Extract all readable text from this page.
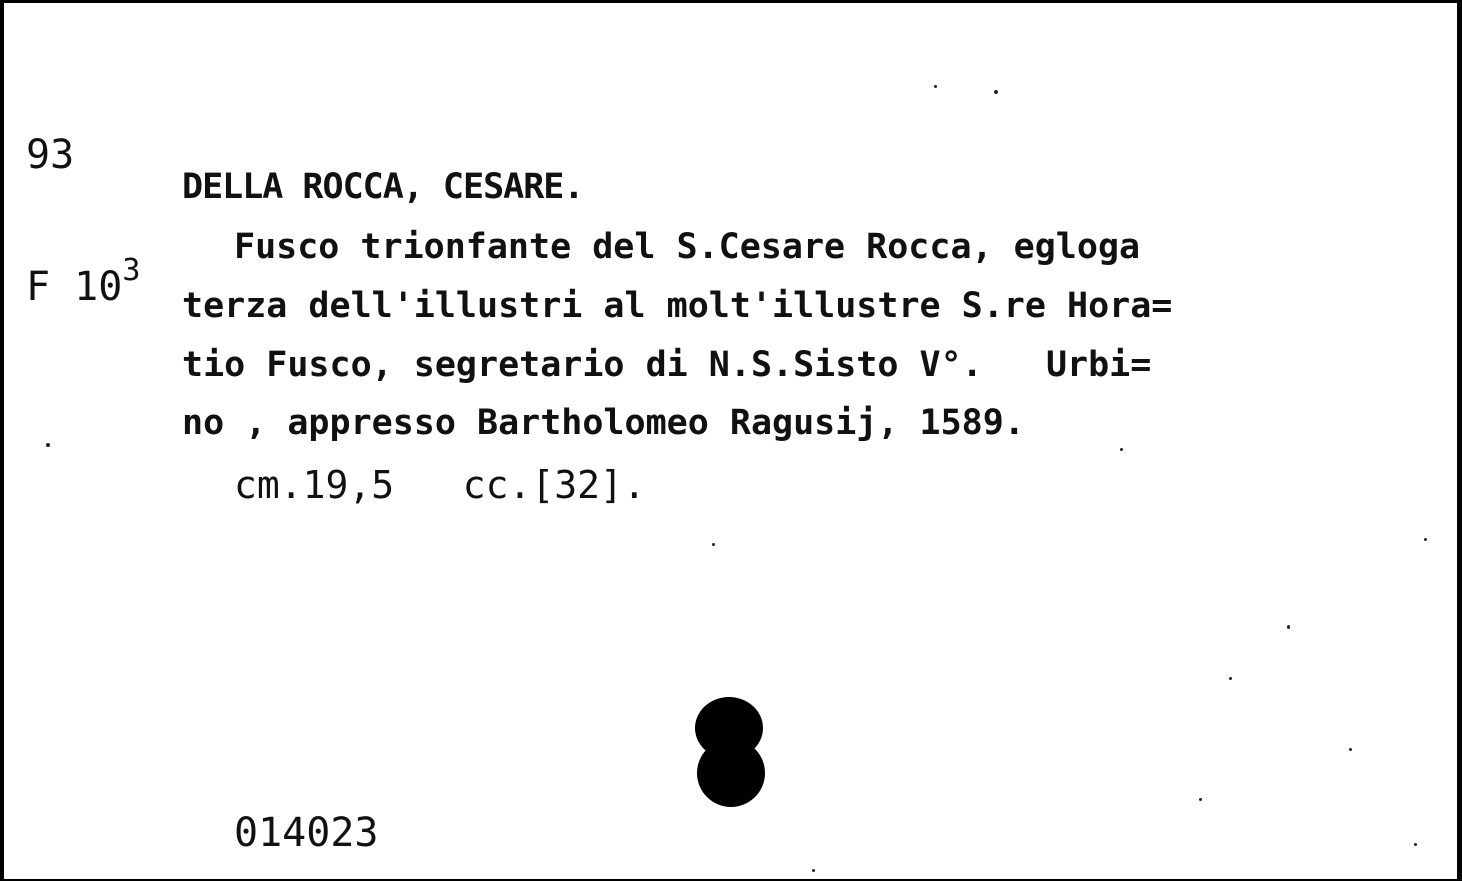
93

F $10^3$

DELLA ROCCA, CESARE.
Fusco trionfante del S.Cesare Rocca, egloga
terza dell'illustri al molt'illustre S.re Hora=
tio Fusco, segretario di N.S.Sisto V°.   Urbi=
no , appresso Bartholomeo Ragusij, 1589.
cm.19,5   cc.[32].
014023
